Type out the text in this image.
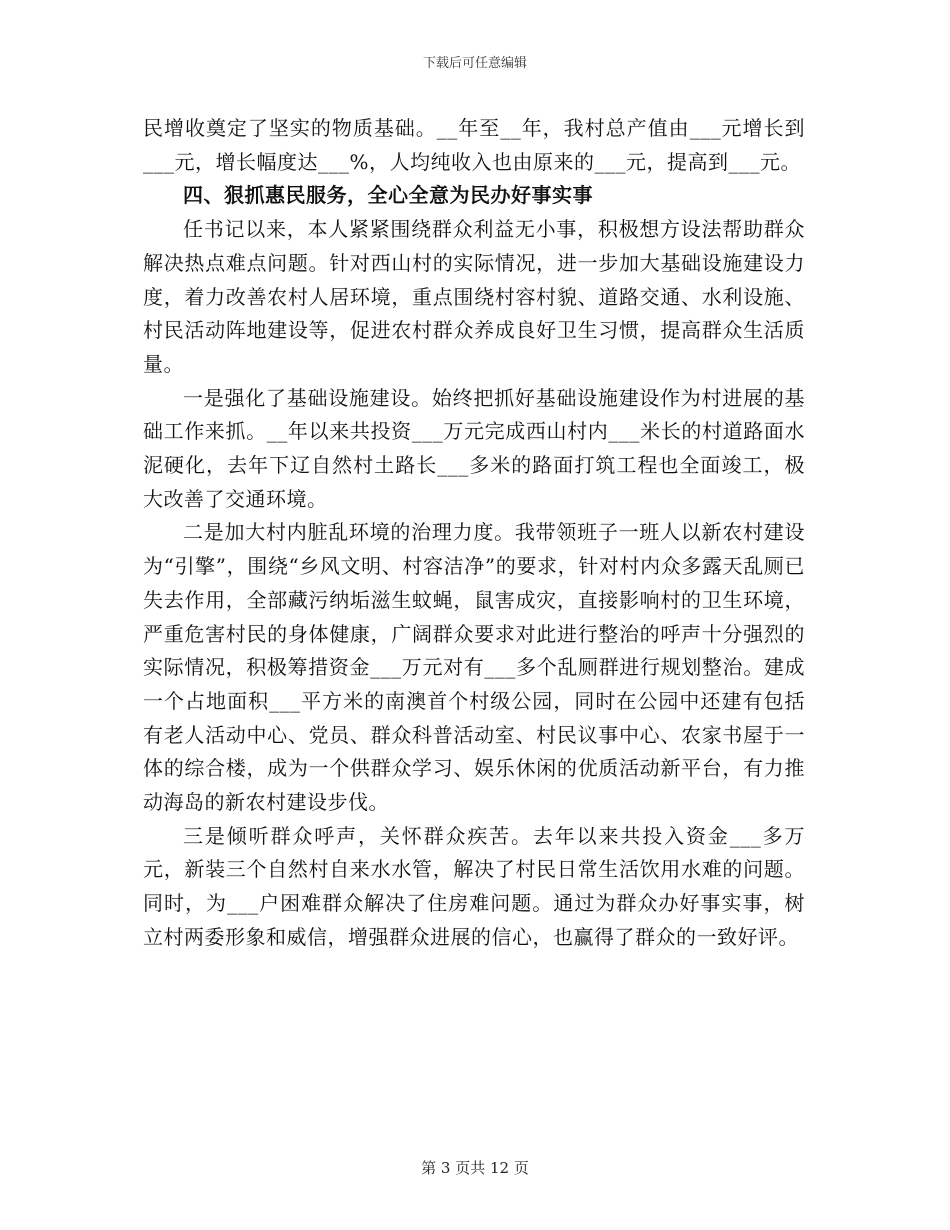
下载后可任意编辑

民增收奠定了坚实的物质基础。__年至__年，我村总产值由___元增长到___元，增长幅度达___%，人均纯收入也由原来的___元，提高到___元。

四、狠抓惠民服务，全心全意为民办好事实事

任书记以来，本人紧紧围绕群众利益无小事，积极想方设法帮助群众解决热点难点问题。针对西山村的实际情况，进一步加大基础设施建设力度，着力改善农村人居环境，重点围绕村容村貌、道路交通、水利设施、村民活动阵地建设等，促进农村群众养成良好卫生习惯，提高群众生活质量。

一是强化了基础设施建设。始终把抓好基础设施建设作为村进展的基础工作来抓。__年以来共投资___万元完成西山村内___米长的村道路面水泥硬化，去年下辽自然村土路长___多米的路面打筑工程也全面竣工，极大改善了交通环境。

二是加大村内脏乱环境的治理力度。我带领班子一班人以新农村建设为“引擎”，围绕“乡风文明、村容洁净”的要求，针对村内众多露天乱厕已失去作用，全部藏污纳垢滋生蚊蝇，鼠害成灾，直接影响村的卫生环境，严重危害村民的身体健康，广阔群众要求对此进行整治的呼声十分强烈的实际情况，积极筹措资金___万元对有___多个乱厕群进行规划整治。建成一个占地面积___平方米的南澳首个村级公园，同时在公园中还建有包括有老人活动中心、党员、群众科普活动室、村民议事中心、农家书屋于一体的综合楼，成为一个供群众学习、娱乐休闲的优质活动新平台，有力推动海岛的新农村建设步伐。

三是倾听群众呼声，关怀群众疾苦。去年以来共投入资金___多万元，新装三个自然村自来水水管，解决了村民日常生活饮用水难的问题。同时，为___户困难群众解决了住房难问题。通过为群众办好事实事，树立村两委形象和威信，增强群众进展的信心，也赢得了群众的一致好评。

第 3 页共 12 页
